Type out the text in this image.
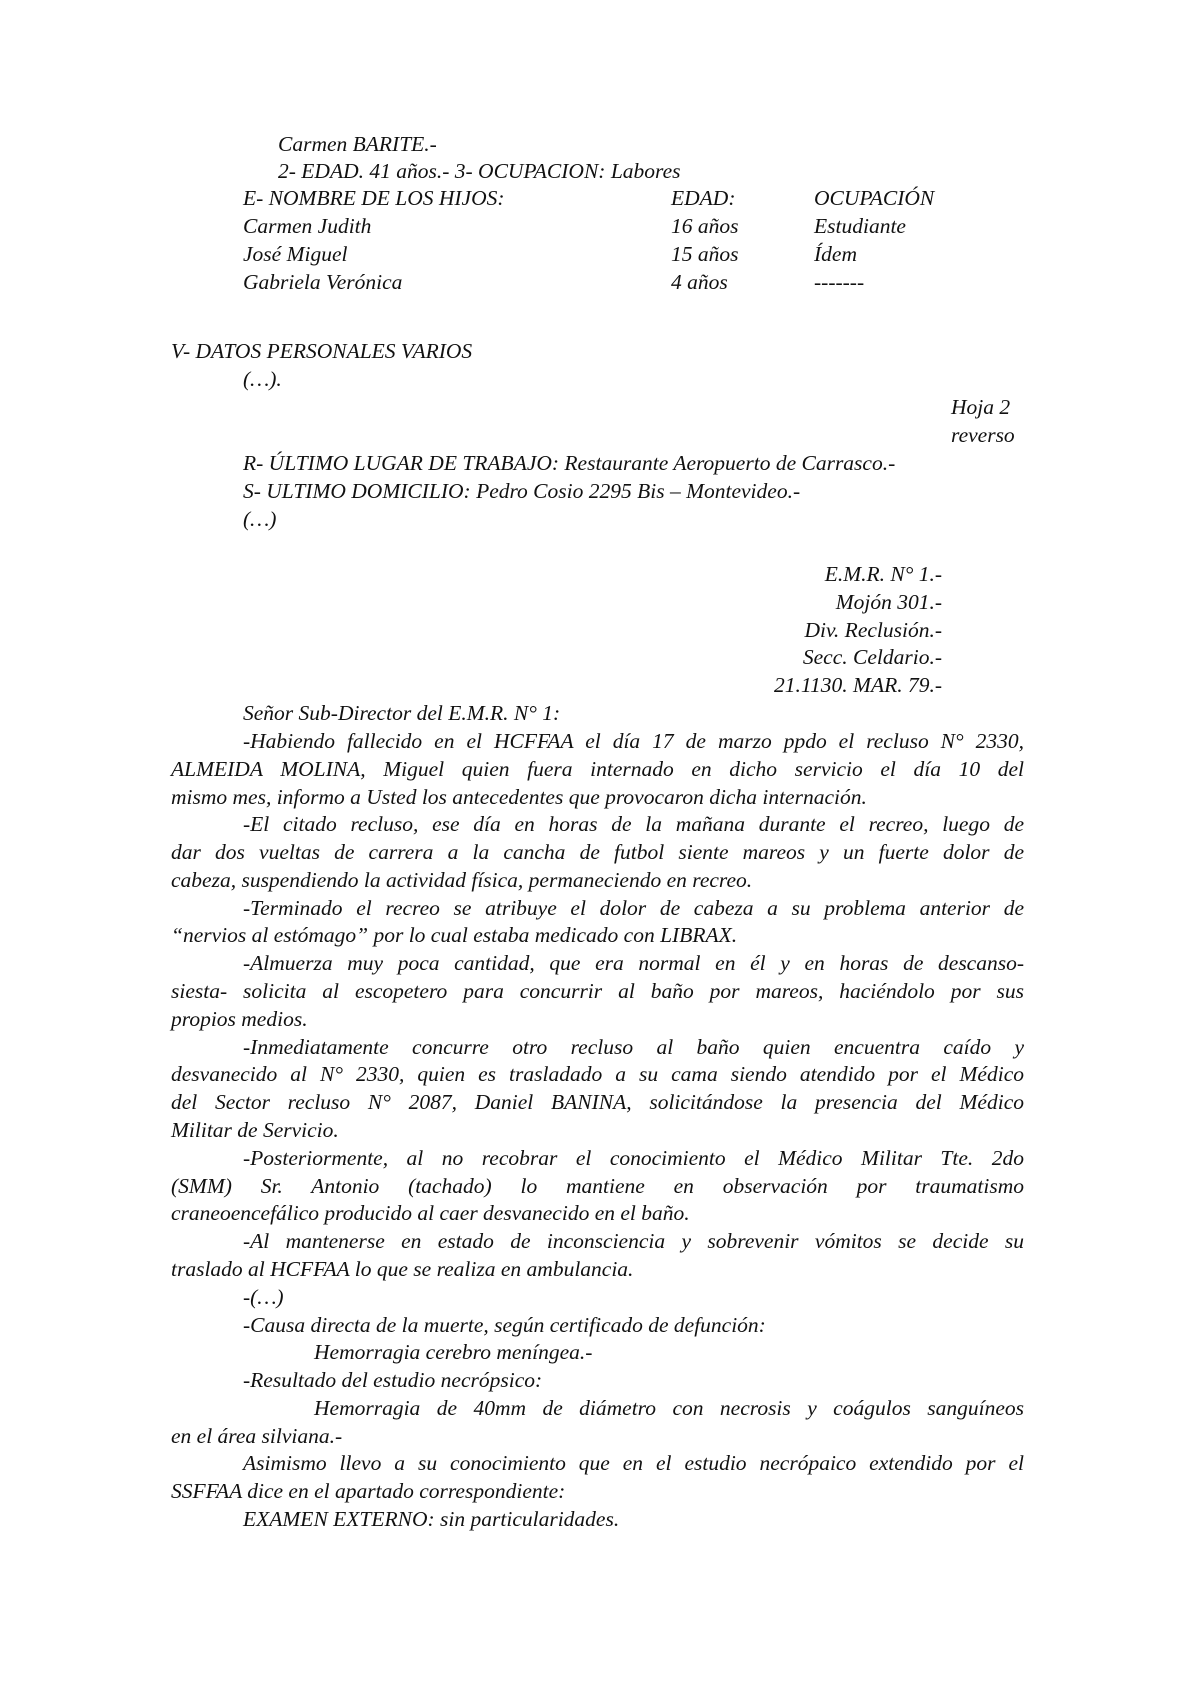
Carmen BARITE.-
2- EDAD. 41 años.- 3- OCUPACION: Labores
E- NOMBRE DE LOS HIJOS:	EDAD:	OCUPACIÓN
Carmen Judith	16 años	Estudiante
José Miguel	15 años	Ídem
Gabriela Verónica	4 años	-------
V- DATOS PERSONALES VARIOS
(…).
Hoja 2
reverso
R- ÚLTIMO LUGAR DE TRABAJO: Restaurante Aeropuerto de Carrasco.-
S- ULTIMO DOMICILIO: Pedro Cosio 2295 Bis – Montevideo.-
(…)
E.M.R. N° 1.-
Mojón 301.-
Div. Reclusión.-
Secc. Celdario.-
21.1130. MAR. 79.-
Señor Sub-Director del E.M.R. N° 1:
-Habiendo fallecido en el HCFFAA el día 17 de marzo ppdo el recluso N° 2330,
ALMEIDA MOLINA, Miguel quien fuera internado en dicho servicio el día 10 del
mismo mes, informo a Usted los antecedentes que provocaron dicha internación.
-El citado recluso, ese día en horas de la mañana durante el recreo, luego de
dar dos vueltas de carrera a la cancha de futbol siente mareos y un fuerte dolor de
cabeza, suspendiendo la actividad física, permaneciendo en recreo.
-Terminado el recreo se atribuye el dolor de cabeza a su problema anterior de
“nervios al estómago” por lo cual estaba medicado con LIBRAX.
-Almuerza muy poca cantidad, que era normal en él y en horas de descanso-
siesta- solicita al escopetero para concurrir al baño por mareos, haciéndolo por sus
propios medios.
-Inmediatamente concurre otro recluso al baño quien encuentra caído y
desvanecido al N° 2330, quien es trasladado a su cama siendo atendido por el Médico
del Sector recluso N° 2087, Daniel BANINA, solicitándose la presencia del Médico
Militar de Servicio.
-Posteriormente, al no recobrar el conocimiento el Médico Militar Tte. 2do
(SMM) Sr. Antonio (tachado) lo mantiene en observación por traumatismo
craneoencefálico producido al caer desvanecido en el baño.
-Al mantenerse en estado de inconsciencia y sobrevenir vómitos se decide su
traslado al HCFFAA lo que se realiza en ambulancia.
-(…)
-Causa directa de la muerte, según certificado de defunción:
Hemorragia cerebro meníngea.-
-Resultado del estudio necrópsico:
Hemorragia de 40mm de diámetro con necrosis y coágulos sanguíneos
en el área silviana.-
Asimismo llevo a su conocimiento que en el estudio necrópaico extendido por el
SSFFAA dice en el apartado correspondiente:
EXAMEN EXTERNO: sin particularidades.
